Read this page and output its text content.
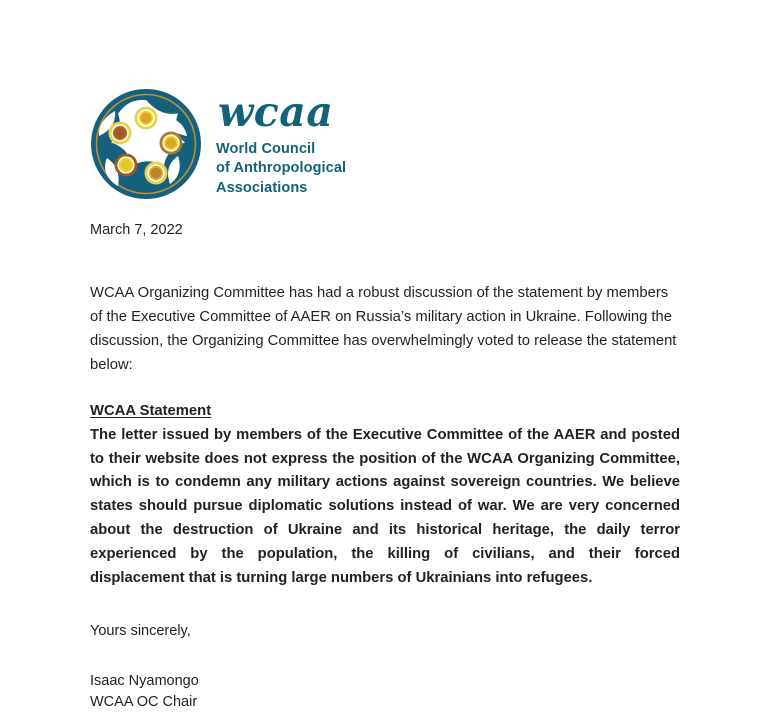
wcaa
World Council
of Anthropological
Associations

March 7, 2022

WCAA Organizing Committee has had a robust discussion of the statement by members of the Executive Committee of AAER on Russia’s military action in Ukraine. Following the discussion, the Organizing Committee has overwhelmingly voted to release the statement below:

WCAA Statement

The letter issued by members of the Executive Committee of the AAER and posted to their website does not express the position of the WCAA Organizing Committee, which is to condemn any military actions against sovereign countries. We believe states should pursue diplomatic solutions instead of war. We are very concerned about the destruction of Ukraine and its historical heritage, the daily terror experienced by the population, the killing of civilians, and their forced displacement that is turning large numbers of Ukrainians into refugees.

Yours sincerely,

Isaac Nyamongo
WCAA OC Chair
